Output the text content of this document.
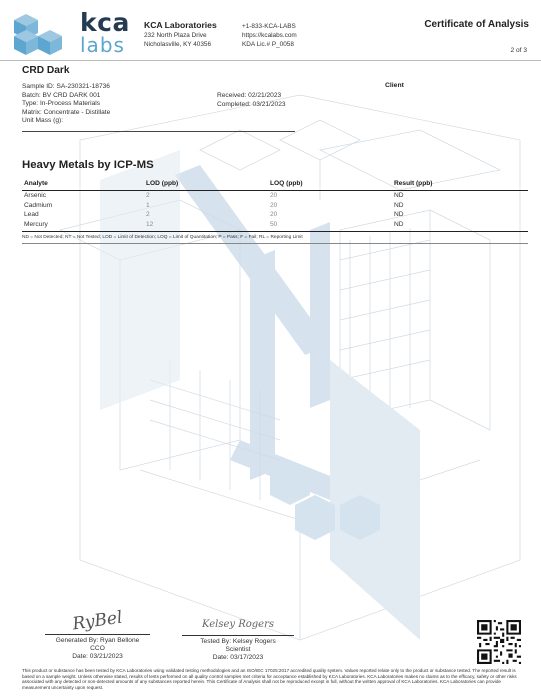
kca
labs
KCA Laboratories
232 North Plaza Drive
Nicholasville, KY 40356
+1-833-KCA-LABS
https://kcalabs.com
KDA Lic.# P_0058
Certificate of Analysis
2 of 3
CRD Dark
Sample ID: SA-230321-18736
Batch: BV CRD DARK 001
Type: In-Process Materials
Matrix: Concentrate - Distillate
Unit Mass (g):
Received: 02/21/2023
Completed: 03/21/2023
Client
Heavy Metals by ICP-MS
Analyte	LOD (ppb)	LOQ (ppb)	Result (ppb)
Arsenic	2	20	ND
Cadmium	1	20	ND
Lead	2	20	ND
Mercury	12	50	ND
ND = Not Detected; NT = Not Tested; LOD = Limit of Detection; LOQ = Limit of Quantitation; P = Pass; F = Fail; RL = Reporting Limit
RyBel
Generated By: Ryan Bellone
CCO
Date: 03/21/2023
Kelsey Rogers
Tested By: Kelsey Rogers
Scientist
Date: 03/17/2023
This product or substance has been tested by KCA Laboratories using validated testing methodologies and an ISO/IEC 17025:2017 accredited quality system. Values reported relate only to the product or substance tested. The reported result is based on a sample weight. Unless otherwise stated, results of tests performed on all quality control samples met criteria for acceptance established by KCA Laboratories. KCA Laboratories makes no claims as to the efficacy, safety or other risks associated with any detected or non-detected amounts of any substances reported herein. This Certificate of Analysis shall not be reproduced except in full, without the written approval of KCA Laboratories. KCA Laboratories can provide measurement uncertainty upon request.
